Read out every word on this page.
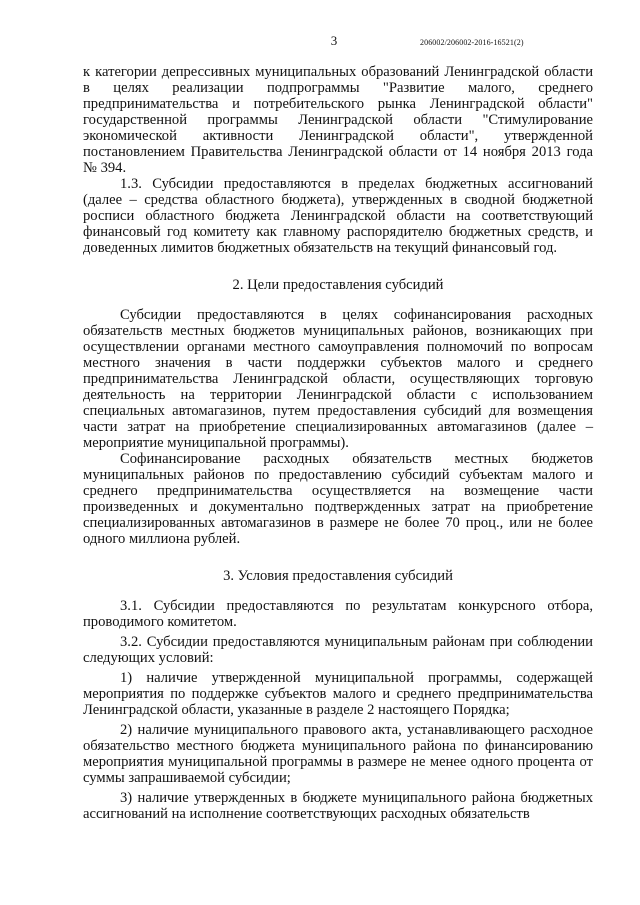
3	206002/206002-2016-16521(2)

к категории депрессивных муниципальных образований Ленинградской области в целях реализации подпрограммы "Развитие малого, среднего предпринимательства и потребительского рынка Ленинградской области" государственной программы Ленинградской области "Стимулирование экономической активности Ленинградской области", утвержденной постановлением Правительства Ленинградской области от 14 ноября 2013 года № 394.

1.3. Субсидии предоставляются в пределах бюджетных ассигнований (далее – средства областного бюджета), утвержденных в сводной бюджетной росписи областного бюджета Ленинградской области на соответствующий финансовый год комитету как главному распорядителю бюджетных средств, и доведенных лимитов бюджетных обязательств на текущий финансовый год.

2. Цели предоставления субсидий

Субсидии предоставляются в целях софинансирования расходных обязательств местных бюджетов муниципальных районов, возникающих при осуществлении органами местного самоуправления полномочий по вопросам местного значения в части поддержки субъектов малого и среднего предпринимательства Ленинградской области, осуществляющих торговую деятельность на территории Ленинградской области с использованием специальных автомагазинов, путем предоставления субсидий для возмещения части затрат на приобретение специализированных автомагазинов (далее – мероприятие муниципальной программы).

Софинансирование расходных обязательств местных бюджетов муниципальных районов по предоставлению субсидий субъектам малого и среднего предпринимательства осуществляется на возмещение части произведенных и документально подтвержденных затрат на приобретение специализированных автомагазинов в размере не более 70 проц., или не более одного миллиона рублей.

3. Условия предоставления субсидий

3.1. Субсидии предоставляются по результатам конкурсного отбора, проводимого комитетом.

3.2. Субсидии предоставляются муниципальным районам при соблюдении следующих условий:

1) наличие утвержденной муниципальной программы, содержащей мероприятия по поддержке субъектов малого и среднего предпринимательства Ленинградской области, указанные в разделе 2 настоящего Порядка;

2) наличие муниципального правового акта, устанавливающего расходное обязательство местного бюджета муниципального района по финансированию мероприятия муниципальной программы в размере не менее одного процента от суммы запрашиваемой субсидии;

3) наличие утвержденных в бюджете муниципального района бюджетных ассигнований на исполнение соответствующих расходных обязательств
